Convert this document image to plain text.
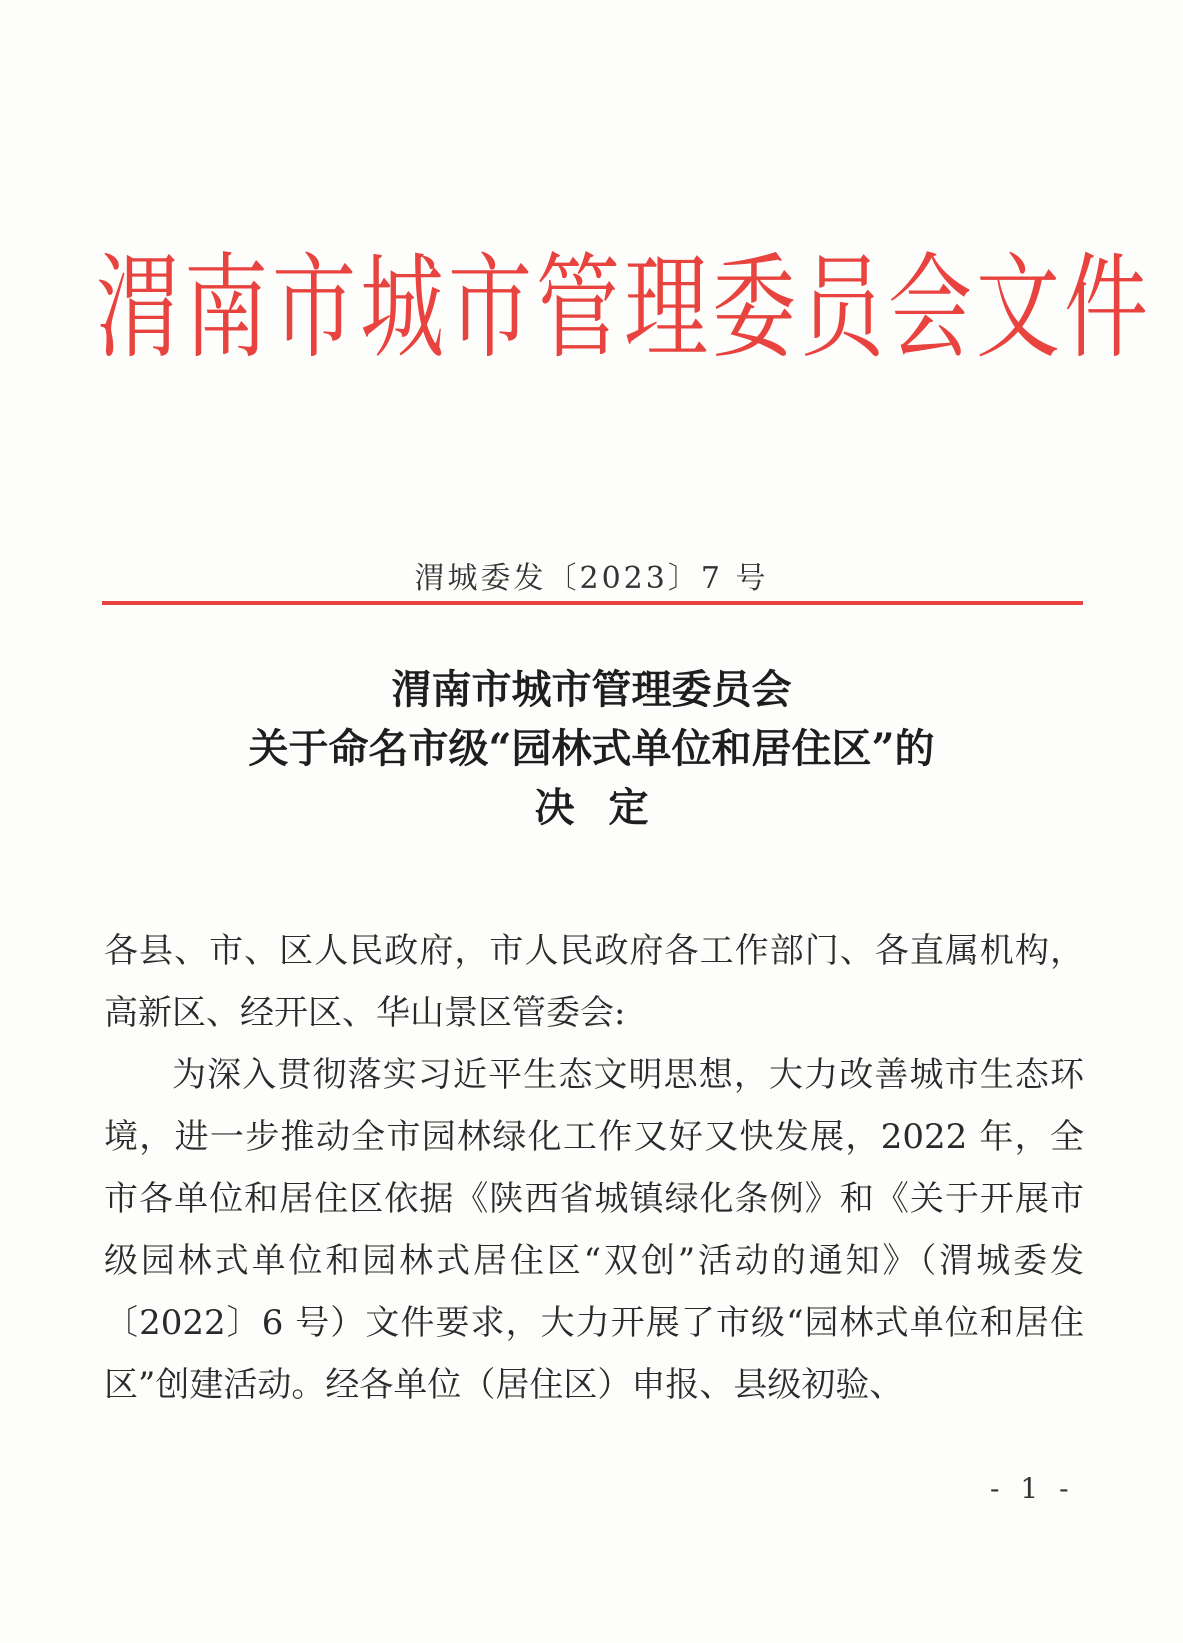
渭南市城市管理委员会文件
渭城委发〔2023〕7 号
渭南市城市管理委员会
关于命名市级“园林式单位和居住区”的
决定

各县、市、区人民政府，市人民政府各工作部门、各直属机构，高新区、经开区、华山景区管委会:

为深入贯彻落实习近平生态文明思想，大力改善城市生态环境，进一步推动全市园林绿化工作又好又快发展，2022 年，全市各单位和居住区依据《陕西省城镇绿化条例》和《关于开展市级园林式单位和园林式居住区“双创”活动的通知》（渭城委发〔2022〕6 号）文件要求，大力开展了市级“园林式单位和居住区”创建活动。经各单位（居住区）申报、县级初验、

- 1 -
